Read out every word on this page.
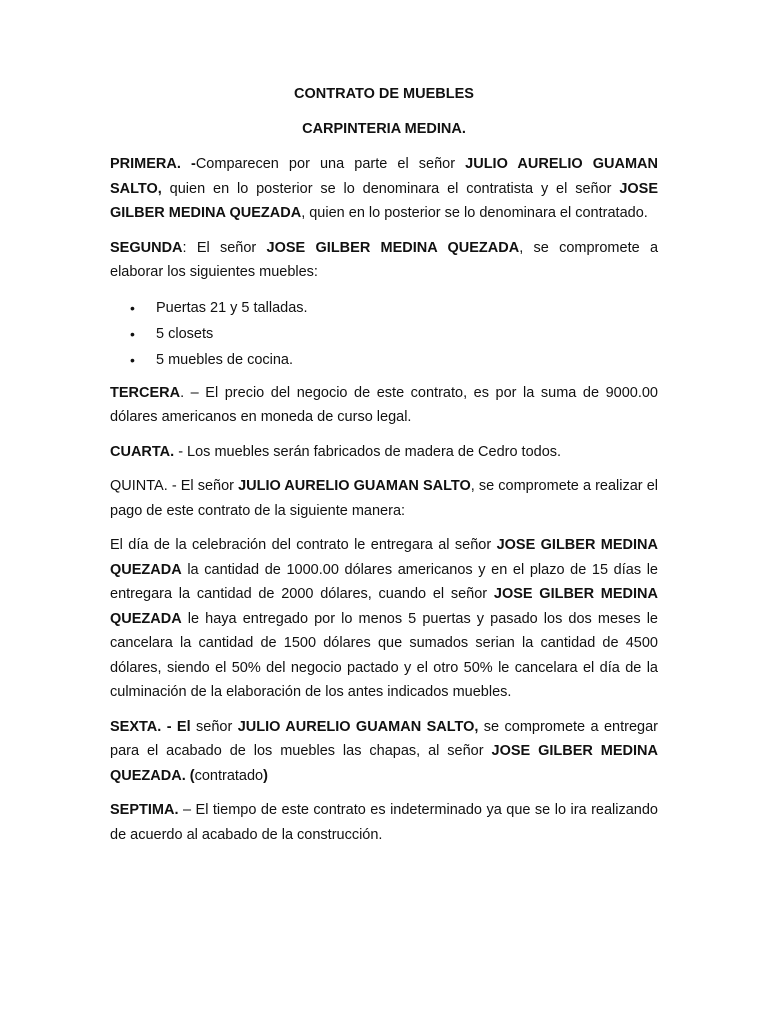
CONTRATO DE MUEBLES
CARPINTERIA MEDINA.

PRIMERA. -Comparecen por una parte el señor JULIO AURELIO GUAMAN SALTO, quien en lo posterior se lo denominara el contratista y el señor JOSE GILBER MEDINA QUEZADA, quien en lo posterior se lo denominara el contratado.

SEGUNDA: El señor JOSE GILBER MEDINA QUEZADA, se compromete a elaborar los siguientes muebles:

• Puertas 21 y 5 talladas.
• 5 closets
• 5 muebles de cocina.

TERCERA. – El precio del negocio de este contrato, es por la suma de 9000.00 dólares americanos en moneda de curso legal.

CUARTA. - Los muebles serán fabricados de madera de Cedro todos.

QUINTA. - El señor JULIO AURELIO GUAMAN SALTO, se compromete a realizar el pago de este contrato de la siguiente manera:

El día de la celebración del contrato le entregara al señor JOSE GILBER MEDINA QUEZADA la cantidad de 1000.00 dólares americanos y en el plazo de 15 días le entregara la cantidad de 2000 dólares, cuando el señor JOSE GILBER MEDINA QUEZADA le haya entregado por lo menos 5 puertas y pasado los dos meses le cancelara la cantidad de 1500 dólares que sumados serian la cantidad de 4500 dólares, siendo el 50% del negocio pactado y el otro 50% le cancelara el día de la culminación de la elaboración de los antes indicados muebles.

SEXTA. - El señor JULIO AURELIO GUAMAN SALTO, se compromete a entregar para el acabado de los muebles las chapas, al señor JOSE GILBER MEDINA QUEZADA. (contratado)

SEPTIMA. – El tiempo de este contrato es indeterminado ya que se lo ira realizando de acuerdo al acabado de la construcción.
